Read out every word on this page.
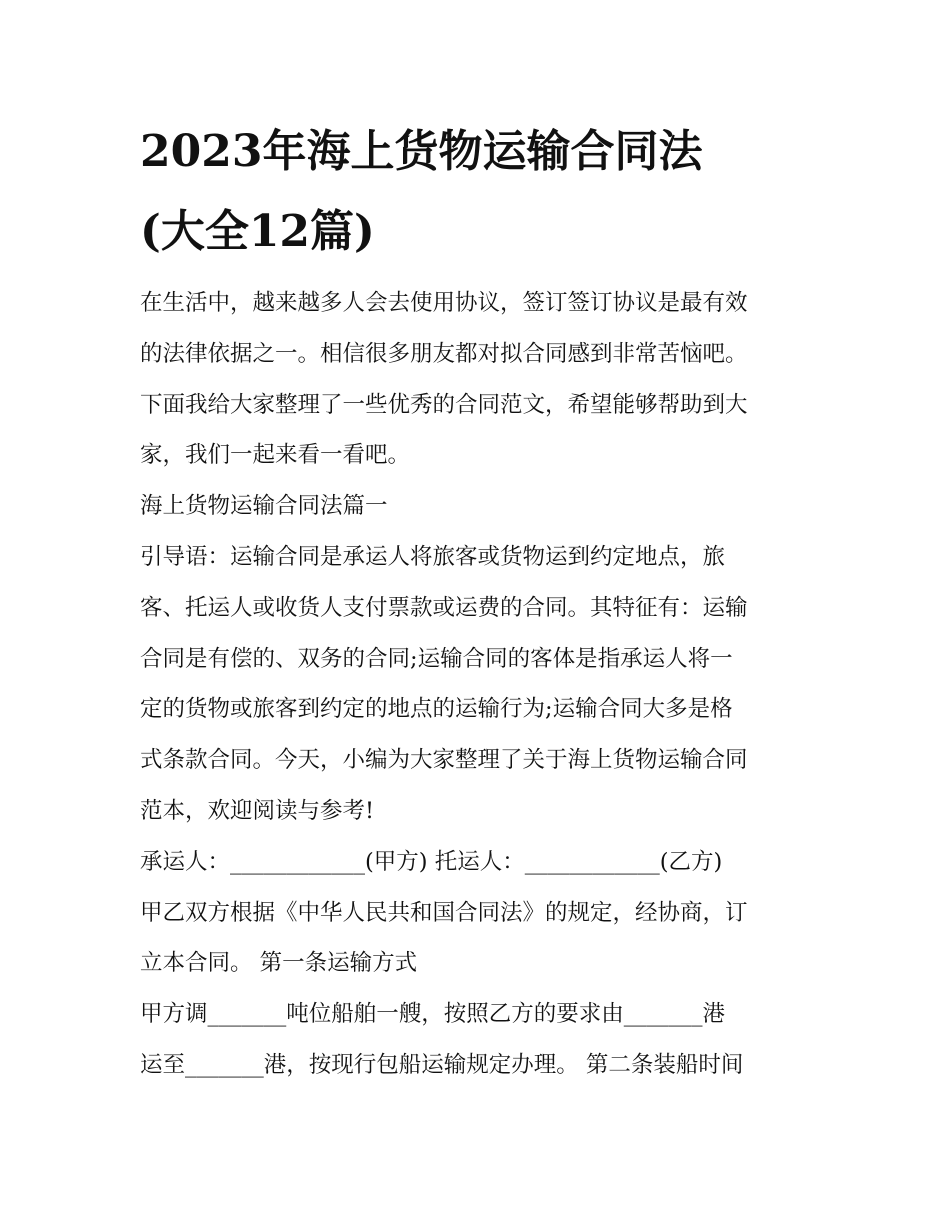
2023年海上货物运输合同法
(大全12篇)
在生活中，越来越多人会去使用协议，签订签订协议是最有效
的法律依据之一。相信很多朋友都对拟合同感到非常苦恼吧。
下面我给大家整理了一些优秀的合同范文，希望能够帮助到大
家，我们一起来看一看吧。
海上货物运输合同法篇一
引导语：运输合同是承运人将旅客或货物运到约定地点，旅
客、托运人或收货人支付票款或运费的合同。其特征有：运输
合同是有偿的、双务的合同;运输合同的客体是指承运人将一
定的货物或旅客到约定的地点的运输行为;运输合同大多是格
式条款合同。今天，小编为大家整理了关于海上货物运输合同
范本，欢迎阅读与参考!
承运人：____________(甲方) 托运人：____________(乙方)
甲乙双方根据《中华人民共和国合同法》的规定，经协商，订
立本合同。 第一条运输方式
甲方调_______吨位船舶一艘，按照乙方的要求由_______港
运至_______港，按现行包船运输规定办理。 第二条装船时间
